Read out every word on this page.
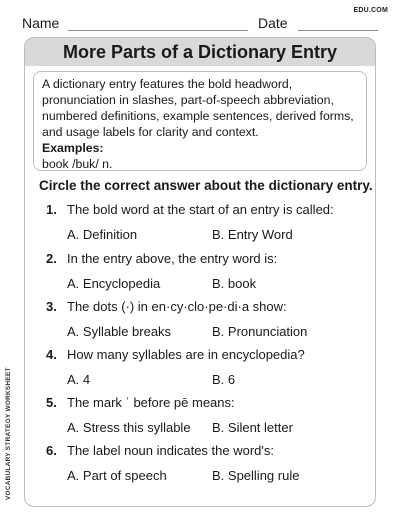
Name	Date
EDU.COM
More Parts of a Dictionary Entry
A dictionary entry features the bold headword, pronunciation in slashes, part-of-speech abbreviation, numbered definitions, example sentences, derived forms, and usage labels for clarity and context.
Examples:
book /buk/ n.
Circle the correct answer about the dictionary entry.
1. The bold word at the start of an entry is called:
A. Definition	B. Entry Word
2. In the entry above, the entry word is:
A. Encyclopedia	B. book
3. The dots (·) in en·cy·clo·pe·di·a show:
A. Syllable breaks	B. Pronunciation
4. How many syllables are in encyclopedia?
A. 4	B. 6
5. The mark ˈ before pē means:
A. Stress this syllable B. Silent letter
6. The label noun indicates the word's:
A. Part of speech	B. Spelling rule
VOCABULARY STRATEGY WORKSHEET
